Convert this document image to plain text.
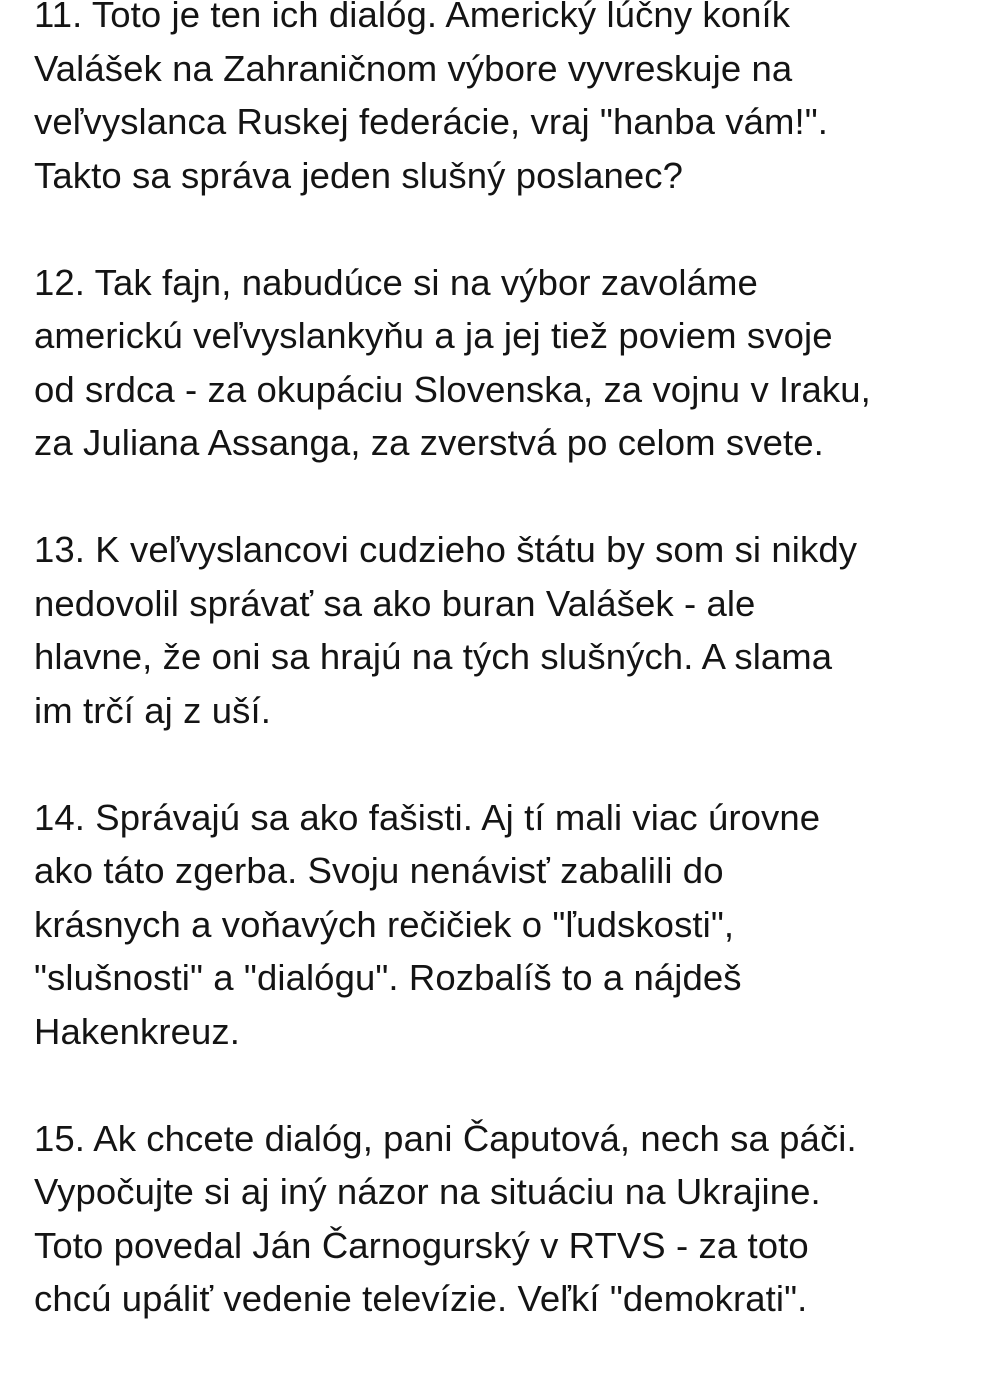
11. Toto je ten ich dialóg. Americký lúčny koník
Valášek na Zahraničnom výbore vyvreskuje na
veľvyslanca Ruskej federácie, vraj "hanba vám!".
Takto sa správa jeden slušný poslanec?
12. Tak fajn, nabudúce si na výbor zavoláme
americkú veľvyslankyňu a ja jej tiež poviem svoje
od srdca - za okupáciu Slovenska, za vojnu v Iraku,
za Juliana Assanga, za zverstvá po celom svete.
13. K veľvyslancovi cudzieho štátu by som si nikdy
nedovolil správať sa ako buran Valášek - ale
hlavne, že oni sa hrajú na tých slušných. A slama
im trčí aj z uší.
14. Správajú sa ako fašisti. Aj tí mali viac úrovne
ako táto zgerba. Svoju nenávisť zabalili do
krásnych a voňavých rečičiek o "ľudskosti",
"slušnosti" a "dialógu". Rozbalíš to a nájdeš
Hakenkreuz.
15. Ak chcete dialóg, pani Čaputová, nech sa páči.
Vypočujte si aj iný názor na situáciu na Ukrajine.
Toto povedal Ján Čarnogurský v RTVS - za toto
chcú upáliť vedenie televízie. Veľkí "demokrati".
